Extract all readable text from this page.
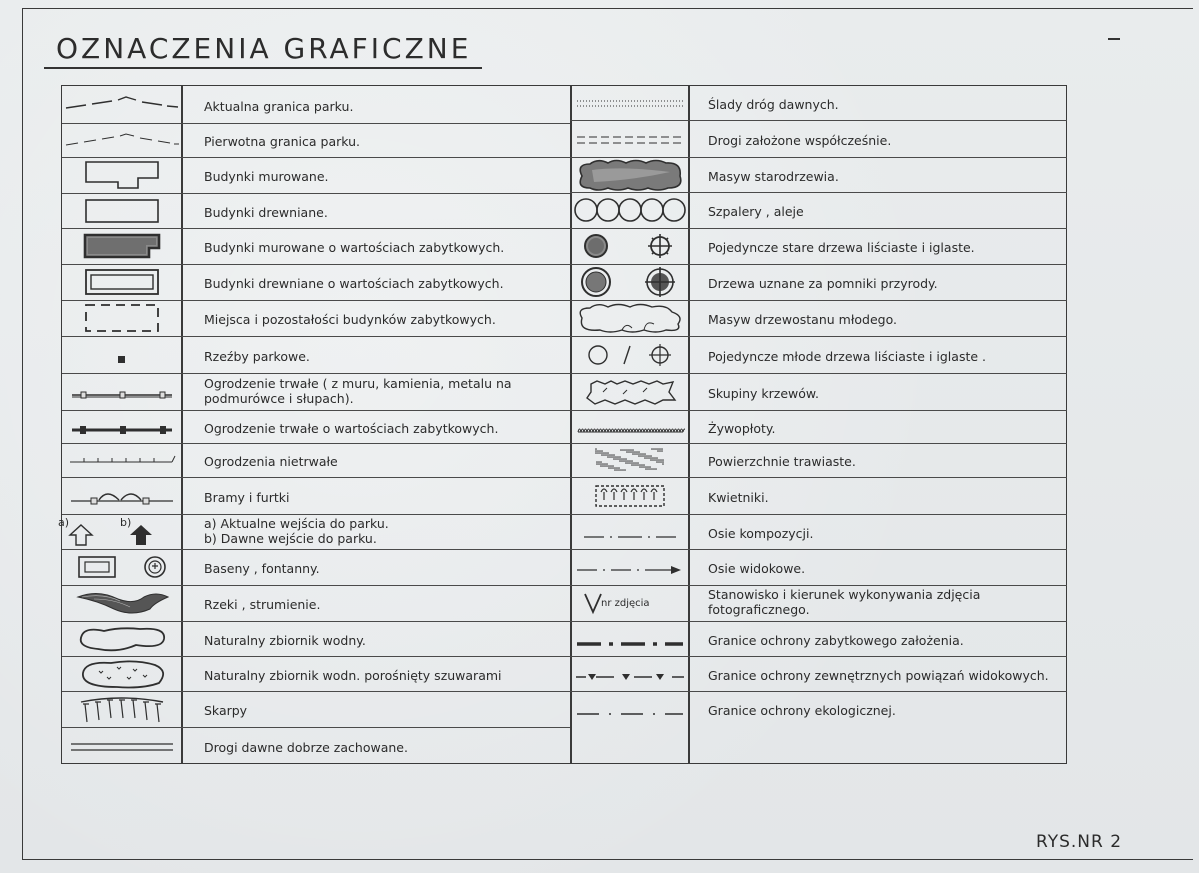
OZNACZENIA GRAFICZNE
Aktualna granica parku.
Pierwotna granica parku.
Budynki murowane.
Budynki drewniane.
Budynki murowane o wartościach zabytkowych.
Budynki drewniane o wartościach zabytkowych.
Miejsca i pozostałości budynków zabytkowych.
Rzeźby parkowe.
Ogrodzenie trwałe ( z muru, kamienia, metalu na
podmurówce i słupach).
Ogrodzenie trwałe o wartościach zabytkowych.
Ogrodzenia nietrwałe
Bramy i furtki
a)	b)	a) Aktualne wejścia do parku.
b) Dawne wejście do parku.
Baseny , fontanny.
Rzeki , strumienie.
Naturalny zbiornik wodny.
Naturalny zbiornik wodn. porośnięty szuwarami
Skarpy
Drogi dawne dobrze zachowane.
Ślady dróg dawnych.
Drogi założone współcześnie.
Masyw starodrzewia.
Szpalery , aleje
Pojedyncze stare drzewa liściaste i iglaste.
Drzewa uznane za pomniki przyrody.
Masyw drzewostanu młodego.
Pojedyncze młode drzewa liściaste i iglaste .
Skupiny krzewów.
Żywopłoty.
Powierzchnie trawiaste.
Kwietniki.
Osie kompozycji.
Osie widokowe.
nr zdjęcia
Stanowisko i kierunek wykonywania zdjęcia
fotograficznego.
Granice ochrony zabytkowego założenia.
Granice ochrony zewnętrznych powiązań widokowych.
Granice ochrony ekologicznej.
RYS.NR 2
